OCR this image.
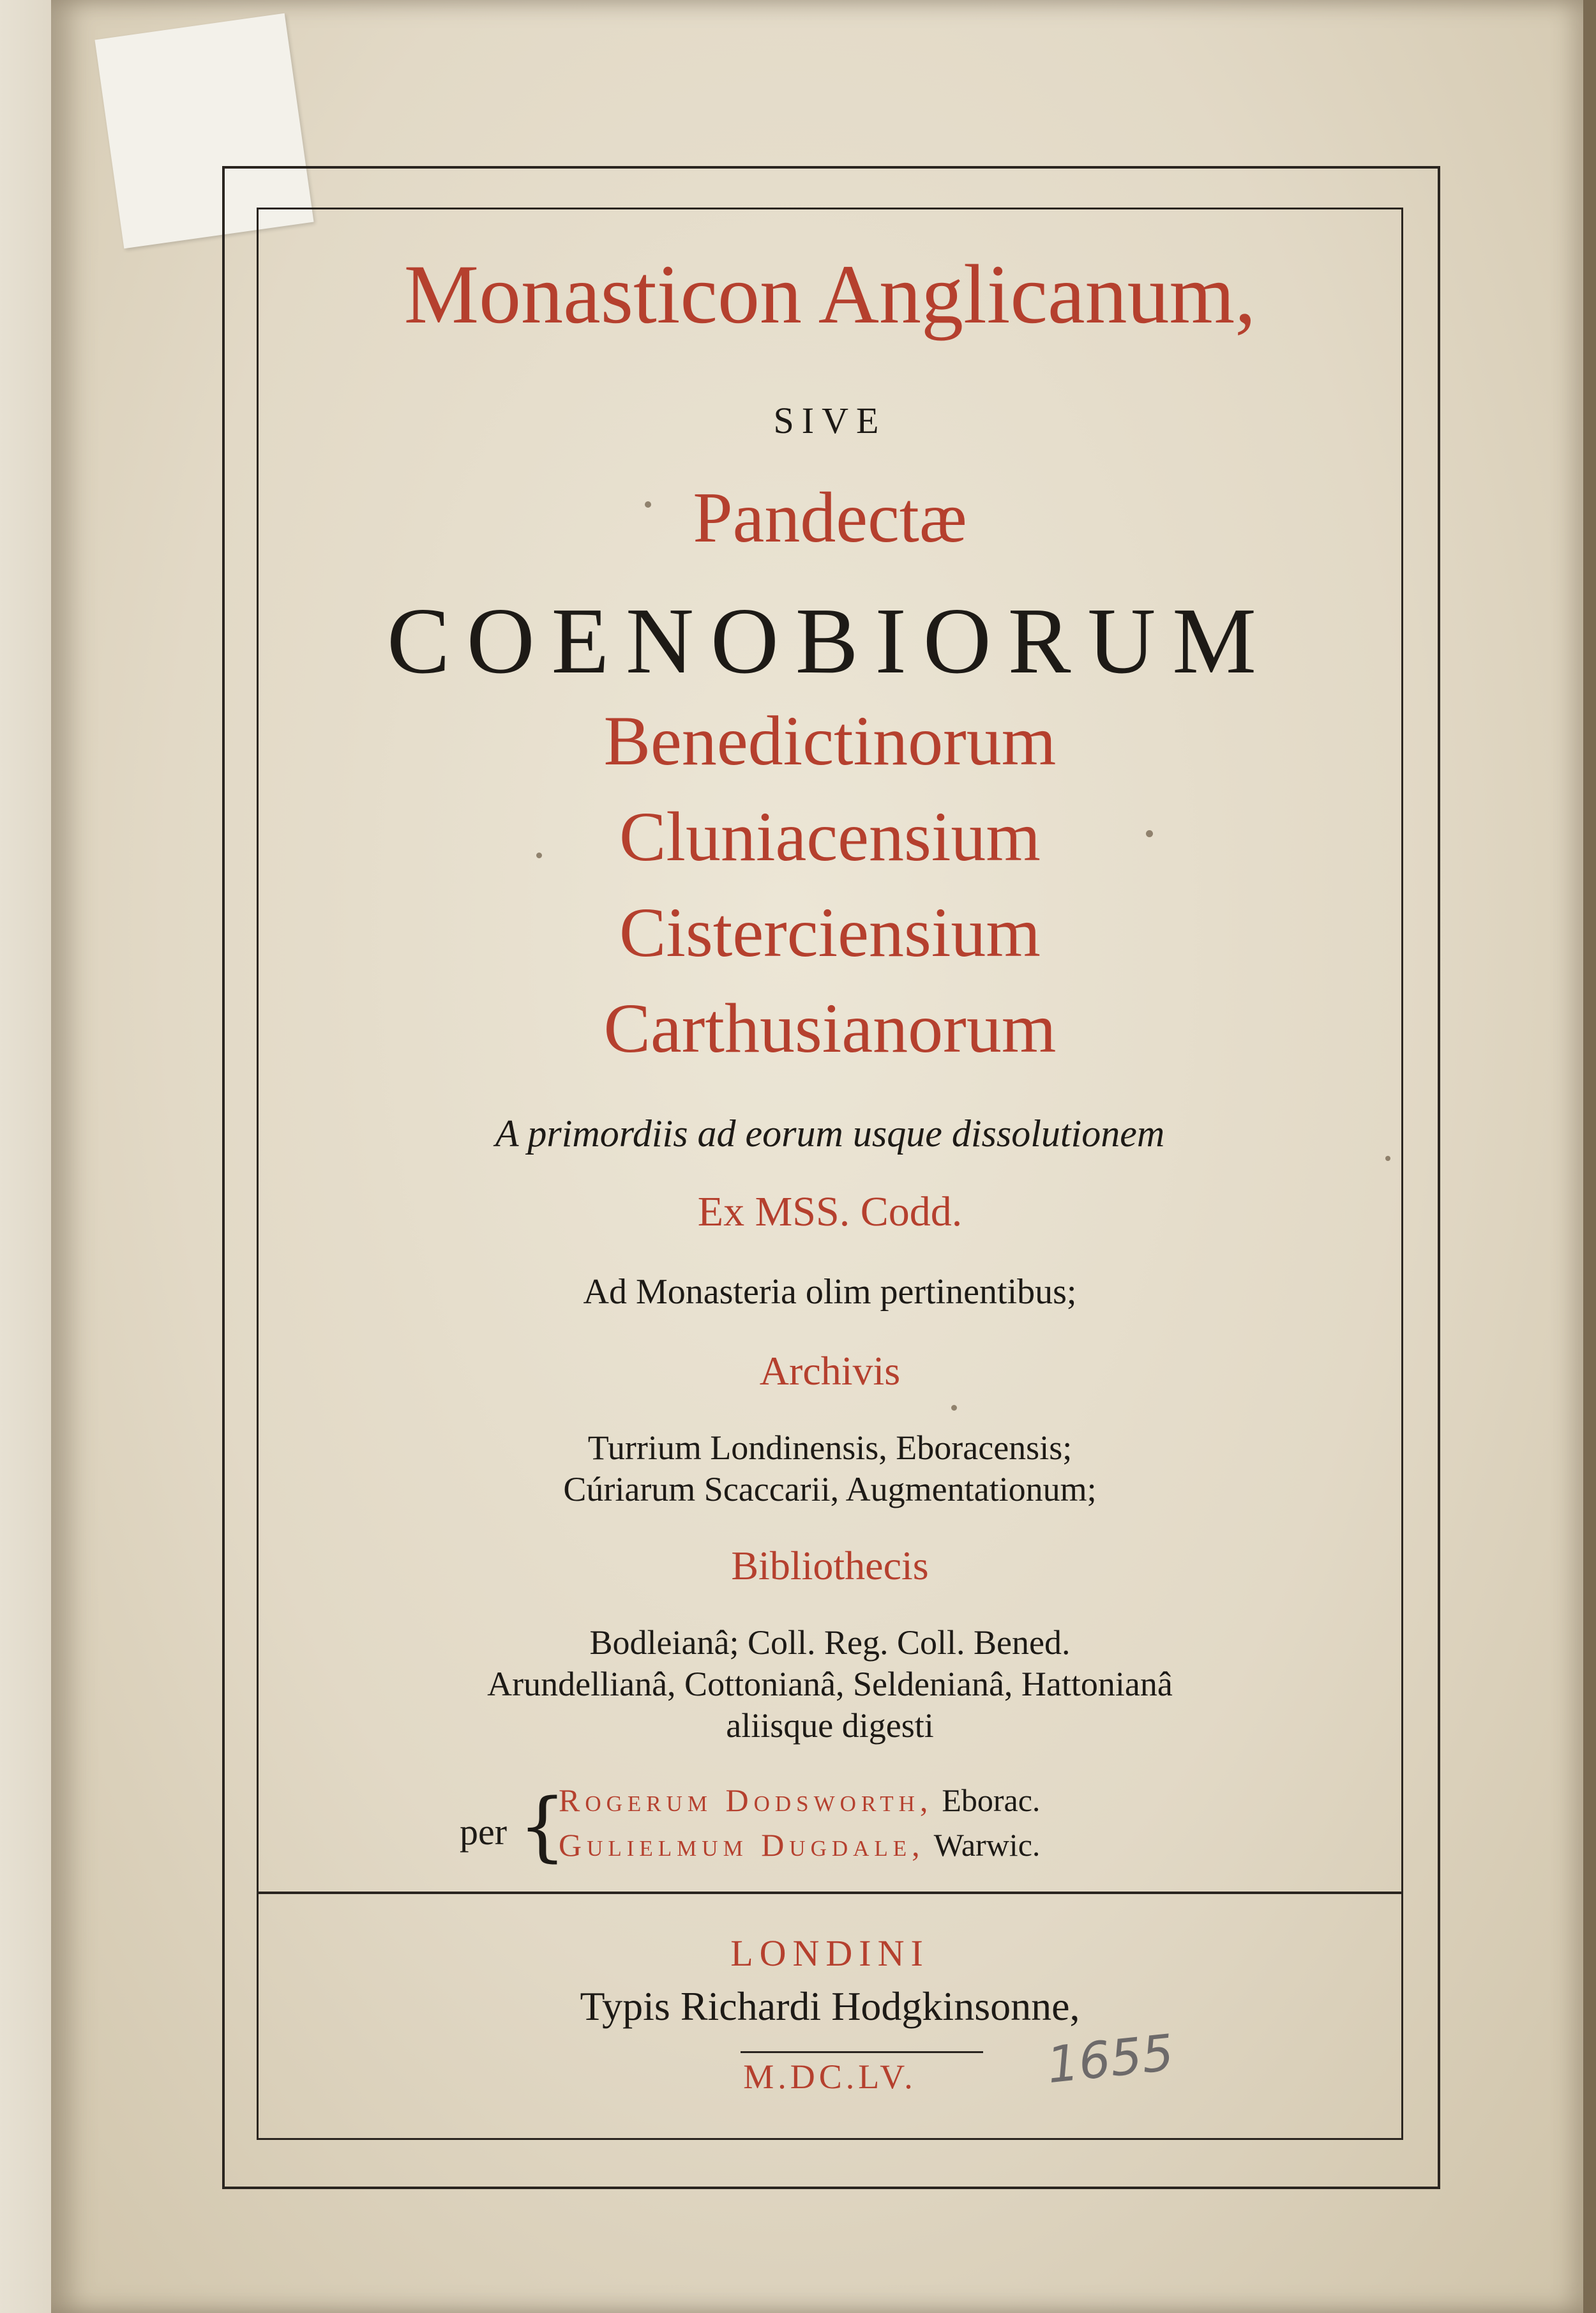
Monasticon Anglicanum,
SIVE
Pandectæ
COENOBIORUM
Benedictinorum
Cluniacensium
Cisterciensium
Carthusianorum
A primordiis ad eorum usque dissolutionem
Ex MSS. Codd.
Ad Monasteria olim pertinentibus;
Archivis
Turrium Londinensis, Eboracensis;
Cúriarum Scaccarii, Augmentationum;
Bibliothecis
Bodleianâ; Coll. Reg. Coll. Bened.
Arundellianâ, Cottonianâ, Seldenianâ, Hattonianâ
aliisque digesti
per {
Rogerum Dodsworth, Eborac.
Gulielmum Dugdale, Warwic.
LONDINI
Typis Richardi Hodgkinsonne,
M.DC.LV.	1655
